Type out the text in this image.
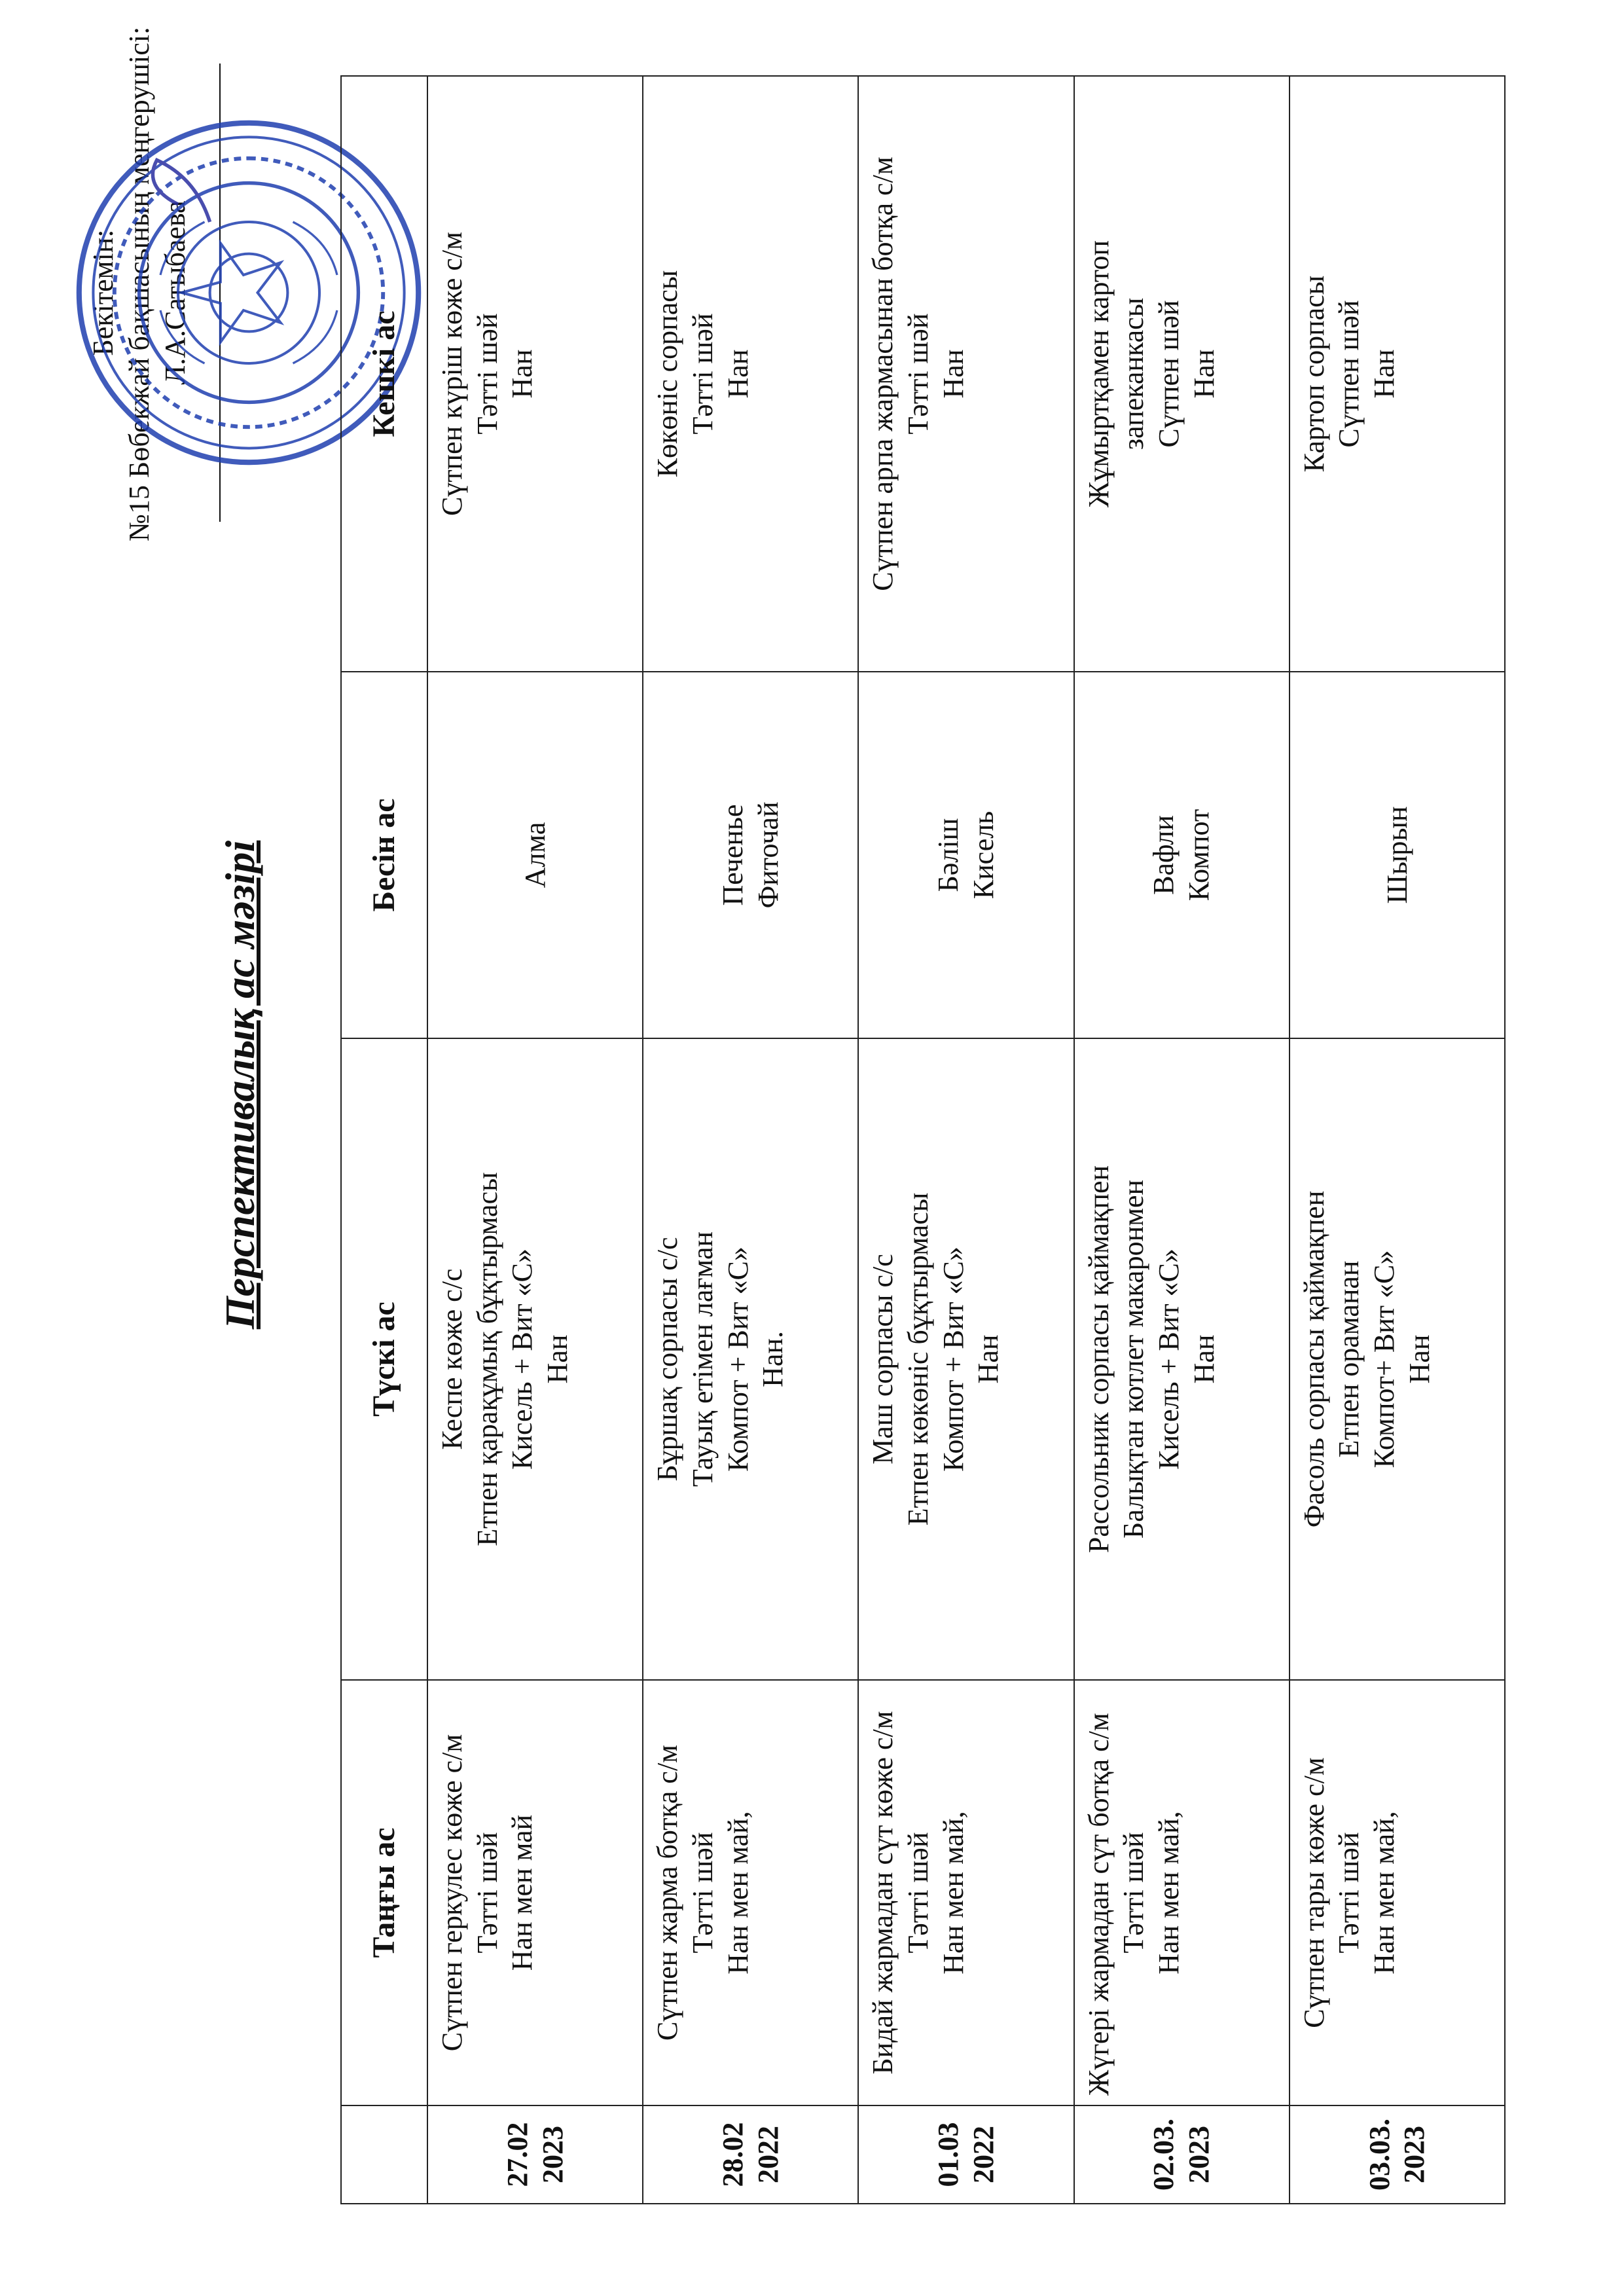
Бекітемін: №15 Бөбекжай бақшасының меңгерушісі: Л.А.Сатыбаева
Перспективалық ас мәзірі
	Таңғы ас	Түскі ас	Бесін ас	Кешкі ас

27.02 2023	Сүтпен геркулес көже с/м Тәтті шәй Нан мен май	Кеспе көже с/с Етпен қарақұмық бұқтырмасы Кисель + Вит «С» Нан	Алма	Сүтпен күріш көже с/м Тәтті шәй Нан

28.02 2022	Сүтпен жарма ботқа с/м Тәтті шәй Нан мен май,	Бұршақ сорпасы с/с Тауық етімен лағман Компот + Вит «С» Нан.	Печенье Фиточай	Көкөніс сорпасы Тәтті шәй Нан

01.03 2022	Бидай жармадан сүт көже с/м Тәтті шәй Нан мен май,	Маш сорпасы с/с Етпен көкөніс бұқтырмасы Компот + Вит «С» Нан	Бәліш Кисель	Сүтпен арпа жармасынан ботқа с/м Тәтті шәй Нан

02.03. 2023	Жүгері жармадан сүт ботқа с/м Тәтті шәй Нан мен май,	Рассольник сорпасы қаймақпен Балықтан котлет макаронмен Кисель + Вит «С» Нан	Вафли Компот	Жұмыртқамен картоп запеканкасы Сүтпен шәй Нан

03.03. 2023	Сүтпен тары көже с/м Тәтті шәй Нан мен май,	Фасоль сорпасы қаймақпен Етпен ораманан Компот+ Вит «С» Нан	Шырын	Картоп сорпасы Сүтпен шәй Нан
